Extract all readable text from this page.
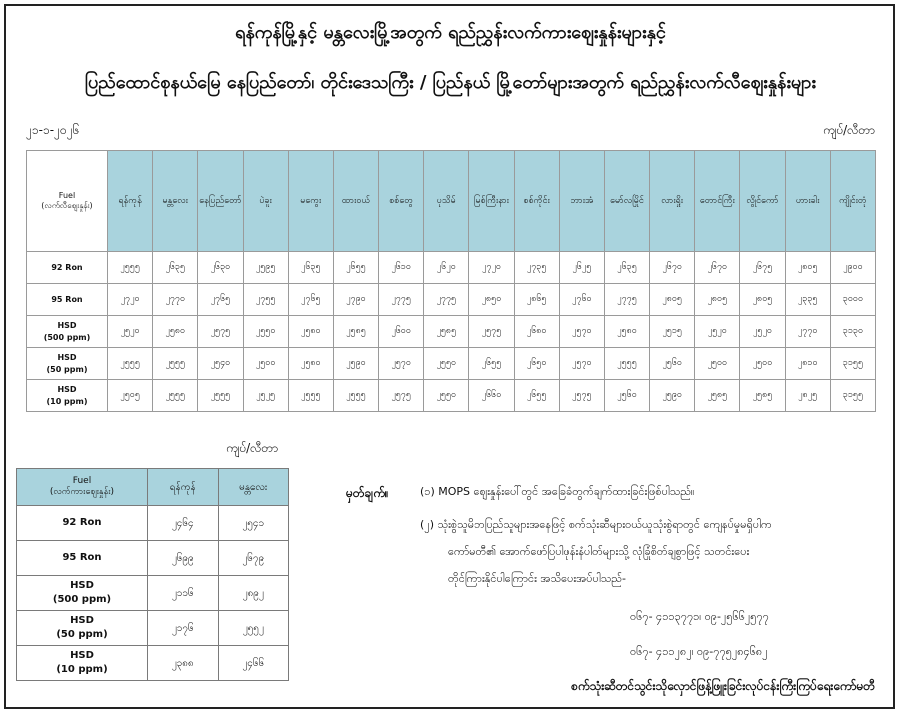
ရန်ကုန်မြို့နှင့် မန္တလေးမြို့အတွက် ရည်ညွှန်းလက်ကားဈေးနှုန်းများနှင့်
ပြည်ထောင်စုနယ်မြေ နေပြည်တော်၊ တိုင်းဒေသကြီး / ပြည်နယ် မြို့တော်များအတွက် ရည်ညွှန်းလက်လီဈေးနှုန်းများ
၂၁-၁-၂၀၂၆	ကျပ်/လီတာ
Fuel
(လက်လီဈေးနှုန်း)	ရန်ကုန်	မန္တလေး	နေပြည်တော်	ပဲခူး	မကွေး	ထားဝယ်	စစ်တွေ	ပုသိမ်	မြစ်ကြီးနား	စစ်ကိုင်း	ဘားအံ	မော်လမြိုင်	လားရှိုး	တောင်ကြီး	လွိုင်ကော်	ဟားခါး	ကျိုင်းတုံ

92 Ron	၂၅၅၅	၂၆၃၅	၂၆၃၀	၂၅၉၅	၂၆၃၅	၂၆၅၅	၂၆၁၀	၂၆၂၀	၂၇၂၀	၂၇၃၅	၂၆၂၅	၂၆၃၅	၂၆၇၀	၂၆၇၀	၂၆၇၅	၂၈၀၅	၂၉၀၀

95 Ron	၂၇၂၀	၂၇၇၀	၂၇၆၅	၂၇၅၅	၂၇၆၅	၂၇၉၀	၂၇၇၅	၂၇၇၅	၂၈၅၀	၂၈၆၅	၂၇၆၀	၂၇၇၅	၂၈၀၅	၂၈၀၅	၂၈၀၅	၂၃၃၅	၃၀၀၀

HSD
(500 ppm)	၂၅၂၀	၂၅၈၀	၂၅၇၅	၂၅၅၀	၂၅၈၀	၂၅၈၅	၂၆၀၀	၂၅၈၅	၂၅၇၅	၂၆၈၀	၂၅၇၀	၂၅၈၀	၂၅၁၅	၂၅၂၀	၂၅၂၀	၂၇၇၀	၃၁၃၀

HSD
(50 ppm)	၂၅၅၅	၂၅၅၅	၂၅၄၀	၂၅၀၀	၂၅၈၀	၂၅၉၀	၂၅၇၀	၂၅၅၀	၂၆၅၅	၂၆၅၀	၂၅၇၀	၂၅၅၅	၂၅၆၀	၂၅၀၀	၂၅၀၀	၂၈၁၀	၃၁၅၅

HSD
(10 ppm)	၂၅၀၅	၂၅၅၅	၂၅၅၅	၂၅၂၅	၂၅၅၅	၂၅၅၅	၂၅၇၅	၂၅၅၀	၂၆၆၀	၂၆၅၅	၂၅၇၅	၂၅၆၀	၂၅၉၀	၂၅၈၅	၂၅၈၅	၂၈၂၅	၃၁၅၅
ကျပ်/လီတာ
Fuel
(လက်ကားဈေးနှုန်း)	ရန်ကုန်	မန္တလေး

92 Ron	၂၄၆၄	၂၅၄၁

95 Ron	၂၆၉၉	၂၆၇၉

HSD
(500 ppm)	၂၁၁၆	၂၈၉၂

HSD
(50 ppm)	၂၁၇၆	၂၅၅၂

HSD
(10 ppm)	၂၃၈၈	၂၄၆၆
မှတ်ချက်။	(၁) MOPS ဈေးနှုန်းပေါ်တွင် အခြေခံတွက်ချက်ထားခြင်းဖြစ်ပါသည်။
(၂) သုံးစွဲသူမိဘပြည်သူများအနေဖြင့် စက်သုံးဆီများဝယ်ယူသုံးစွဲရာတွင် ကျေနပ်မှုမရှိပါက
ကော်မတီ၏ အောက်ဖော်ပြပါဖုန်းနံပါတ်များသို့ လုံခြုံစိတ်ချစွာဖြင့် သတင်းပေး
တိုင်ကြားနိုင်ပါကြောင်း အသိပေးအပ်ပါသည်-
၀၆၇- ၄၁၁၃၇၇၁၊ ၀၉-၂၅၆၆၂၅၇၇
၀၆၇- ၄၁၁၂၈၂၊ ၀၉-၇၇၅၂၈၄၆၈၂
စက်သုံးဆီတင်သွင်းသိုလှောင်ဖြန့်ဖြူးခြင်းလုပ်ငန်းကြီးကြပ်ရေးကော်မတီ
